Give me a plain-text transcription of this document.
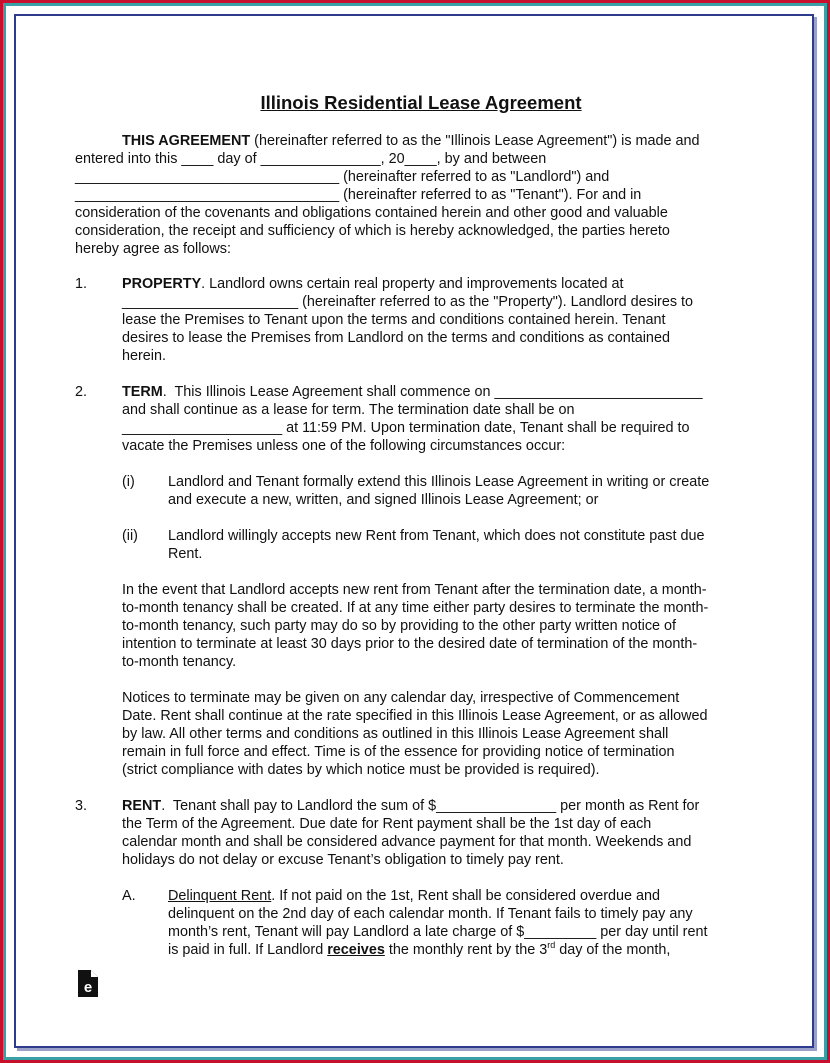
Illinois Residential Lease Agreement
THIS AGREEMENT (hereinafter referred to as the "Illinois Lease Agreement") is made and
entered into this ____ day of _______________, 20____, by and between
_________________________________ (hereinafter referred to as "Landlord") and
_________________________________ (hereinafter referred to as "Tenant"). For and in
consideration of the covenants and obligations contained herein and other good and valuable
consideration, the receipt and sufficiency of which is hereby acknowledged, the parties hereto
hereby agree as follows:
1.	PROPERTY. Landlord owns certain real property and improvements located at
______________________ (hereinafter referred to as the "Property"). Landlord desires to
lease the Premises to Tenant upon the terms and conditions contained herein. Tenant
desires to lease the Premises from Landlord on the terms and conditions as contained
herein.
2.	TERM.  This Illinois Lease Agreement shall commence on __________________________
and shall continue as a lease for term. The termination date shall be on
____________________ at 11:59 PM. Upon termination date, Tenant shall be required to
vacate the Premises unless one of the following circumstances occur:
(i) Landlord and Tenant formally extend this Illinois Lease Agreement in writing or create
and execute a new, written, and signed Illinois Lease Agreement; or
(ii) Landlord willingly accepts new Rent from Tenant, which does not constitute past due
Rent.
In the event that Landlord accepts new rent from Tenant after the termination date, a month-
to-month tenancy shall be created. If at any time either party desires to terminate the month-
to-month tenancy, such party may do so by providing to the other party written notice of
intention to terminate at least 30 days prior to the desired date of termination of the month-
to-month tenancy.
Notices to terminate may be given on any calendar day, irrespective of Commencement
Date. Rent shall continue at the rate specified in this Illinois Lease Agreement, or as allowed
by law. All other terms and conditions as outlined in this Illinois Lease Agreement shall
remain in full force and effect. Time is of the essence for providing notice of termination
(strict compliance with dates by which notice must be provided is required).
3.	RENT.  Tenant shall pay to Landlord the sum of $_______________ per month as Rent for
the Term of the Agreement. Due date for Rent payment shall be the 1st day of each
calendar month and shall be considered advance payment for that month. Weekends and
holidays do not delay or excuse Tenant’s obligation to timely pay rent.
A. Delinquent Rent. If not paid on the 1st, Rent shall be considered overdue and
delinquent on the 2nd day of each calendar month. If Tenant fails to timely pay any
month’s rent, Tenant will pay Landlord a late charge of $_________ per day until rent
is paid in full. If Landlord receives the monthly rent by the 3rd day of the month,
e
